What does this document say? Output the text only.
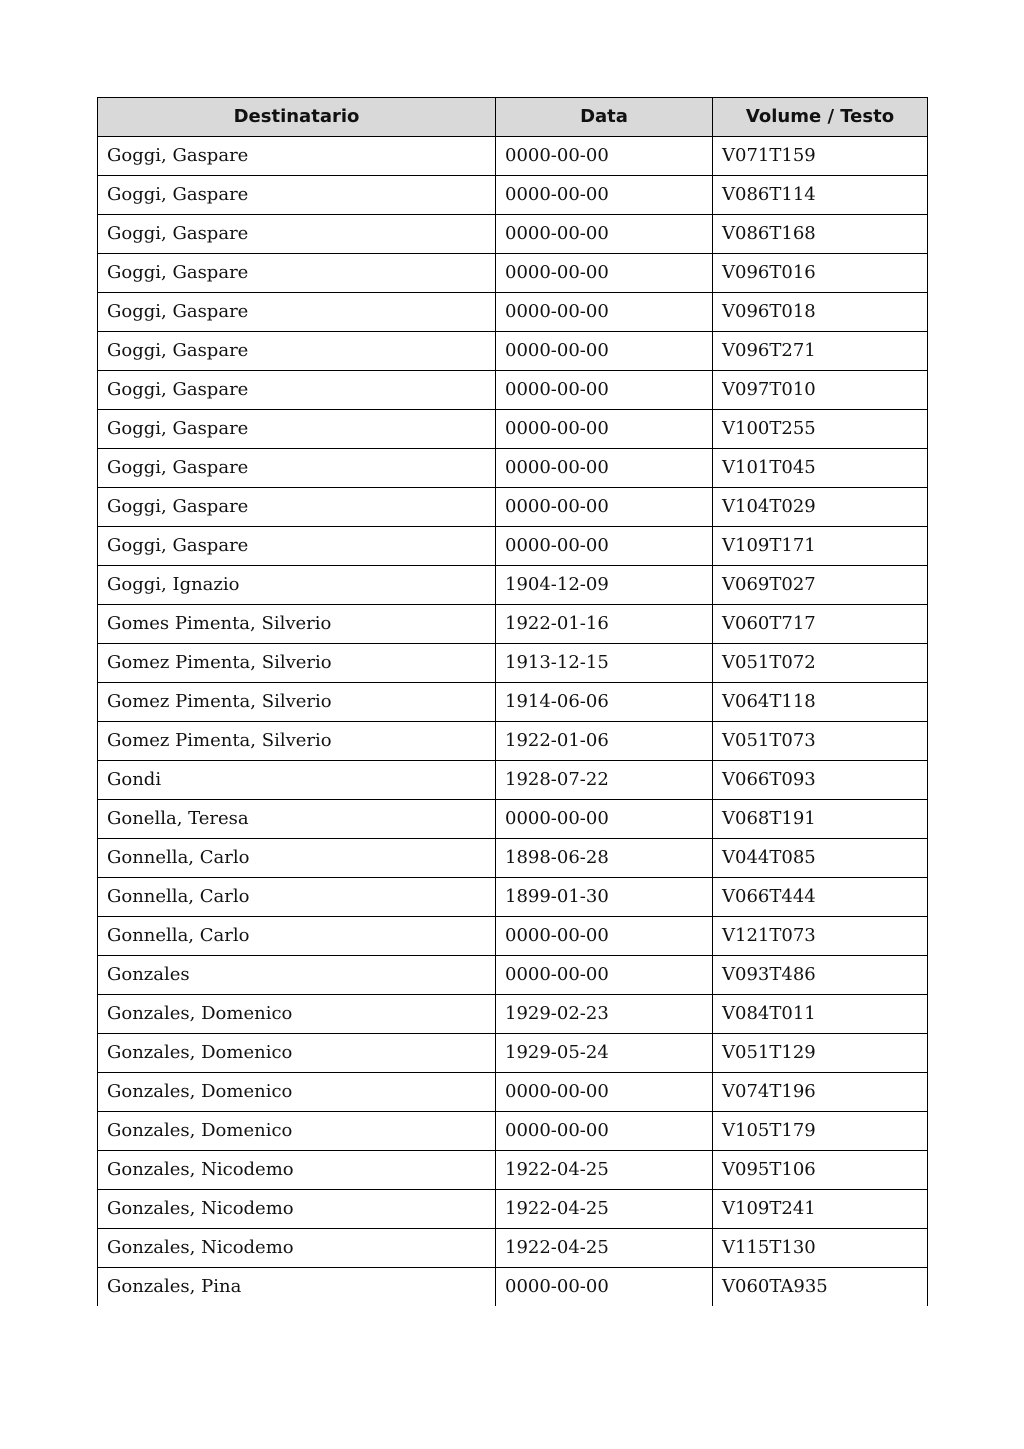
Destinatario	Data	Volume / Testo
Goggi, Gaspare	0000-00-00	V071T159
Goggi, Gaspare	0000-00-00	V086T114
Goggi, Gaspare	0000-00-00	V086T168
Goggi, Gaspare	0000-00-00	V096T016
Goggi, Gaspare	0000-00-00	V096T018
Goggi, Gaspare	0000-00-00	V096T271
Goggi, Gaspare	0000-00-00	V097T010
Goggi, Gaspare	0000-00-00	V100T255
Goggi, Gaspare	0000-00-00	V101T045
Goggi, Gaspare	0000-00-00	V104T029
Goggi, Gaspare	0000-00-00	V109T171
Goggi, Ignazio	1904-12-09	V069T027
Gomes Pimenta, Silverio	1922-01-16	V060T717
Gomez Pimenta, Silverio	1913-12-15	V051T072
Gomez Pimenta, Silverio	1914-06-06	V064T118
Gomez Pimenta, Silverio	1922-01-06	V051T073
Gondi	1928-07-22	V066T093
Gonella, Teresa	0000-00-00	V068T191
Gonnella, Carlo	1898-06-28	V044T085
Gonnella, Carlo	1899-01-30	V066T444
Gonnella, Carlo	0000-00-00	V121T073
Gonzales	0000-00-00	V093T486
Gonzales, Domenico	1929-02-23	V084T011
Gonzales, Domenico	1929-05-24	V051T129
Gonzales, Domenico	0000-00-00	V074T196
Gonzales, Domenico	0000-00-00	V105T179
Gonzales, Nicodemo	1922-04-25	V095T106
Gonzales, Nicodemo	1922-04-25	V109T241
Gonzales, Nicodemo	1922-04-25	V115T130
Gonzales, Pina	0000-00-00	V060TA935
